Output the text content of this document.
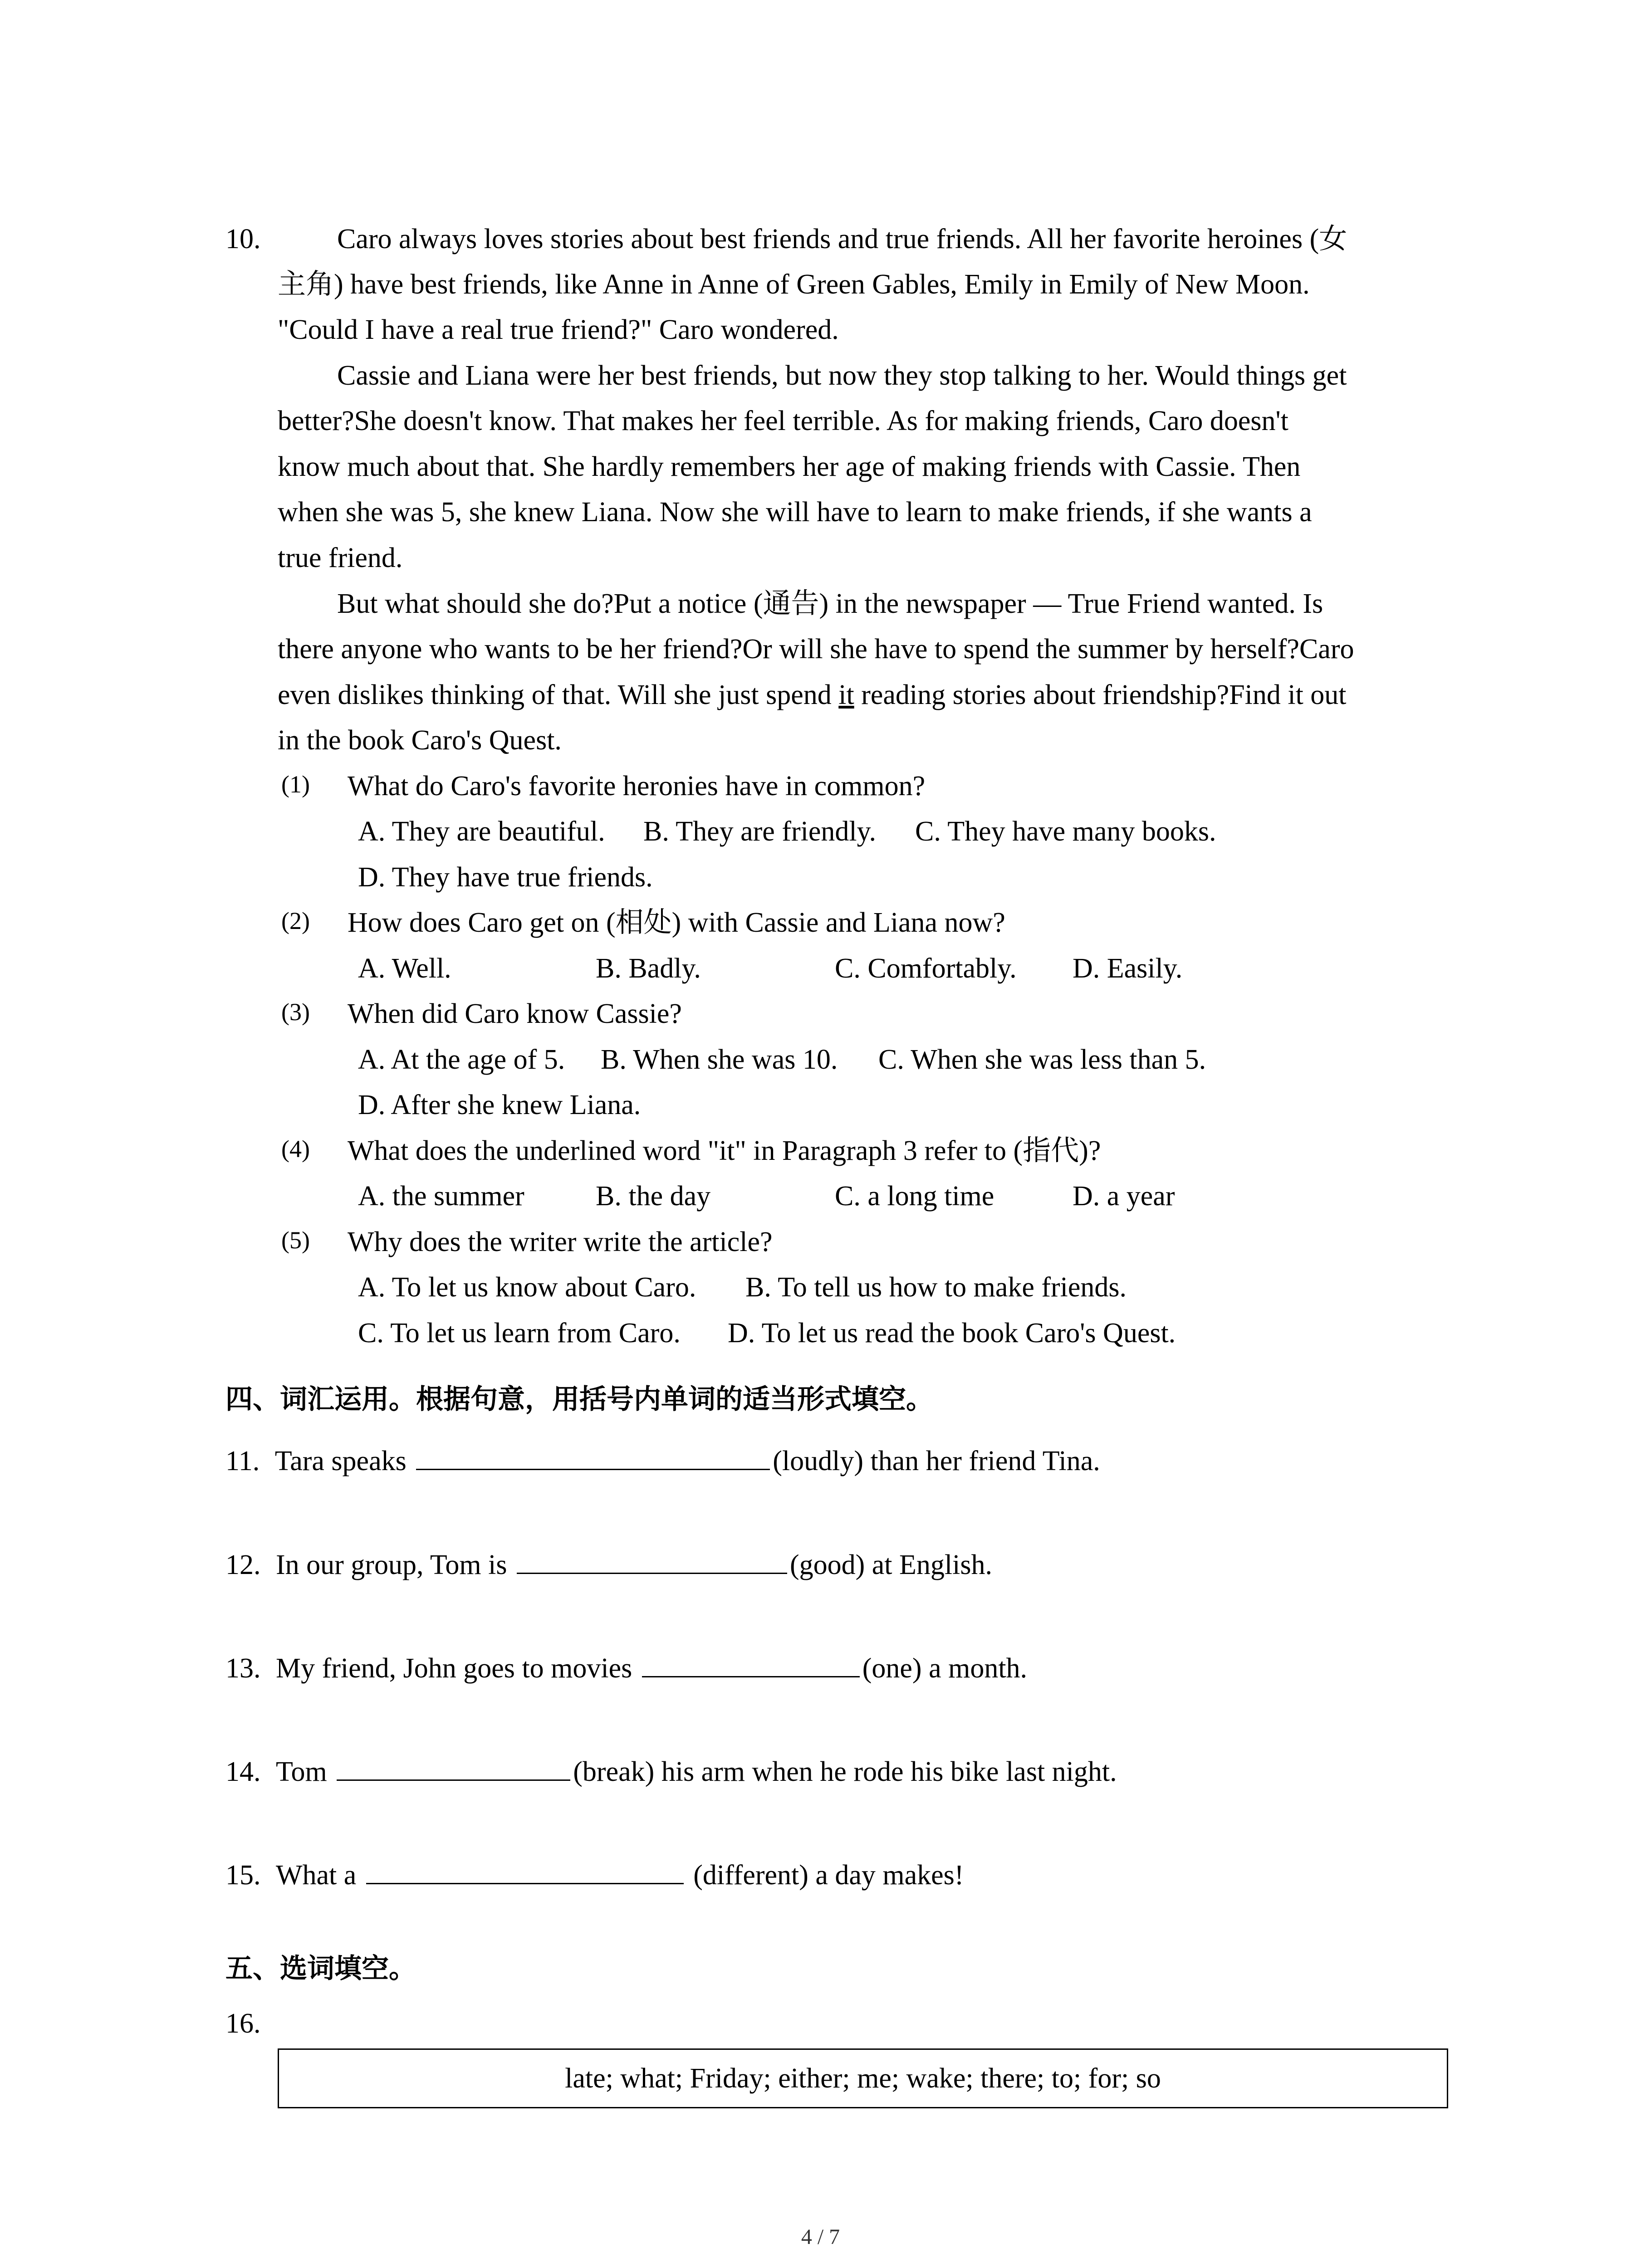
10.	Caro always loves stories about best friends and true friends. All her favorite heroines (女
主角) have best friends, like Anne in Anne of Green Gables, Emily in Emily of New Moon.
"Could I have a real true friend?" Caro wondered.
Cassie and Liana were her best friends, but now they stop talking to her. Would things get
better?She doesn't know. That makes her feel terrible. As for making friends, Caro doesn't
know much about that. She hardly remembers her age of making friends with Cassie. Then
when she was 5, she knew Liana. Now she will have to learn to make friends, if she wants a
true friend.
But what should she do?Put a notice (通告) in the newspaper — True Friend wanted. Is
there anyone who wants to be her friend?Or will she have to spend the summer by herself?Caro
even dislikes thinking of that. Will she just spend it reading stories about friendship?Find it out
in the book Caro's Quest.
(1) What do Caro's favorite heronies have in common?
A. They are beautiful. B. They are friendly. C. They have many books.
D. They have true friends.
(2) How does Caro get on (相处) with Cassie and Liana now?
A. Well.	B. Badly.	C. Comfortably. D. Easily.
(3) When did Caro know Cassie?
A. At the age of 5. B. When she was 10. C. When she was less than 5.
D. After she knew Liana.
(4) What does the underlined word "it" in Paragraph 3 refer to (指代)?
A. the summer	B. the day	C. a long time	D. a year
(5) Why does the writer write the article?
A. To let us know about Caro. B. To tell us how to make friends.
C. To let us learn from Caro. D. To let us read the book Caro's Quest.
四、词汇运用。根据句意，用括号内单词的适当形式填空。
11. Tara speaks	(loudly) than her friend Tina.
12. In our group, Tom is	(good) at English.
13. My friend, John goes to movies	(one) a month.
14. Tom	(break) his arm when he rode his bike last night.
15. What a	(different) a day makes!
五、选词填空。
16.
late; what; Friday; either; me; wake; there; to; for; so
4 / 7
